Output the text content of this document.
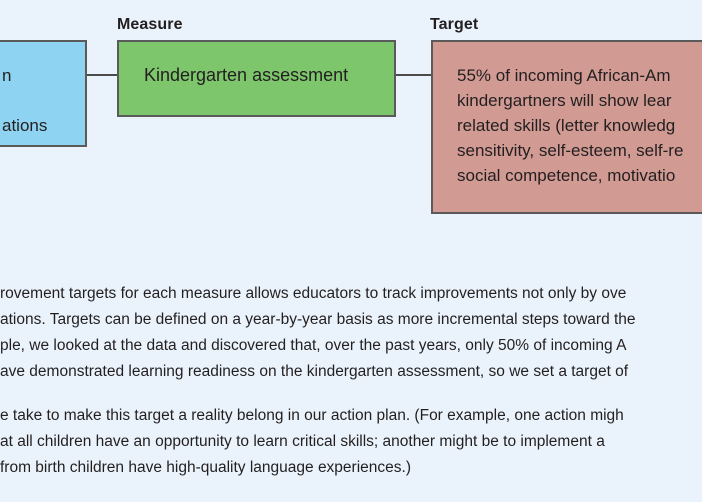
Measure	Target
n
ations
Kindergarten assessment	55% of incoming African-Am
kindergartners will show lear
related skills (letter knowledg
sensitivity, self-esteem, self-re
social competence, motivatio
rovement targets for each measure allows educators to track improvements not only by ove
ations. Targets can be defined on a year-by-year basis as more incremental steps toward the
ple, we looked at the data and discovered that, over the past years, only 50% of incoming A
ave demonstrated learning readiness on the kindergarten assessment, so we set a target of
e take to make this target a reality belong in our action plan. (For example, one action migh
at all children have an opportunity to learn critical skills; another might be to implement a
from birth children have high-quality language experiences.)
